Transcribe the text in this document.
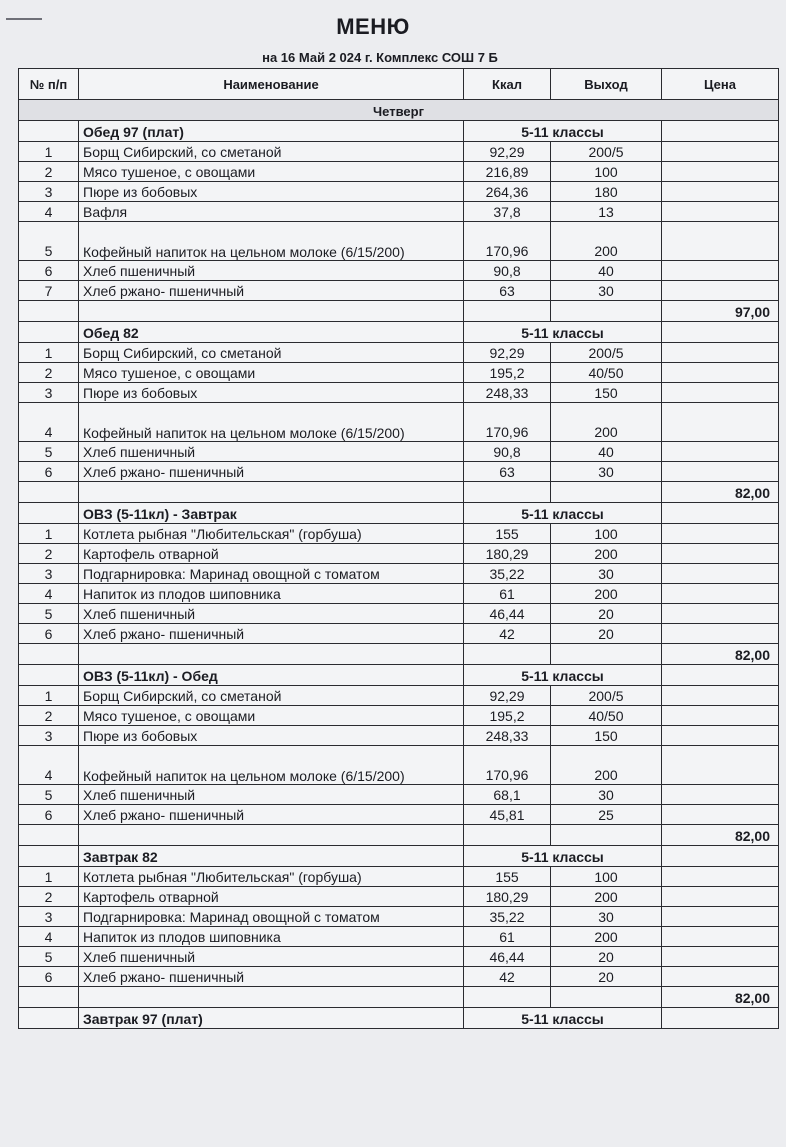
МЕНЮ
на 16 Май 2 024 г. Комплекс СОШ 7 Б
№ п/п	Наименование	Ккал	Выход	Цена
Четверг				
	Обед 97 (плат)	5-11 классы		
1	Борщ Сибирский, со сметаной	92,29	200/5	
2	Мясо тушеное, с овощами	216,89	100	
3	Пюре из бобовых	264,36	180	
4	Вафля	37,8	13	
5	Кофейный напиток на цельном молоке (6/15/200)	170,96	200	
6	Хлеб пшеничный	90,8	40	
7	Хлеб ржано- пшеничный	63	30	
				97,00
	Обед 82	5-11 классы		
1	Борщ Сибирский, со сметаной	92,29	200/5	
2	Мясо тушеное, с овощами	195,2	40/50	
3	Пюре из бобовых	248,33	150	
4	Кофейный напиток на цельном молоке (6/15/200)	170,96	200	
5	Хлеб пшеничный	90,8	40	
6	Хлеб ржано- пшеничный	63	30	
				82,00
	ОВЗ (5-11кл) - Завтрак	5-11 классы		
1	Котлета рыбная "Любительская" (горбуша)	155	100	
2	Картофель отварной	180,29	200	
3	Подгарнировка: Маринад овощной с томатом	35,22	30	
4	Напиток из плодов шиповника	61	200	
5	Хлеб пшеничный	46,44	20	
6	Хлеб ржано- пшеничный	42	20	
				82,00
	ОВЗ (5-11кл) - Обед	5-11 классы		
1	Борщ Сибирский, со сметаной	92,29	200/5	
2	Мясо тушеное, с овощами	195,2	40/50	
3	Пюре из бобовых	248,33	150	
4	Кофейный напиток на цельном молоке (6/15/200)	170,96	200	
5	Хлеб пшеничный	68,1	30	
6	Хлеб ржано- пшеничный	45,81	25	
				82,00
	Завтрак 82	5-11 классы		
1	Котлета рыбная "Любительская" (горбуша)	155	100	
2	Картофель отварной	180,29	200	
3	Подгарнировка: Маринад овощной с томатом	35,22	30	
4	Напиток из плодов шиповника	61	200	
5	Хлеб пшеничный	46,44	20	
6	Хлеб ржано- пшеничный	42	20	
				82,00
	Завтрак 97 (плат)	5-11 классы		
